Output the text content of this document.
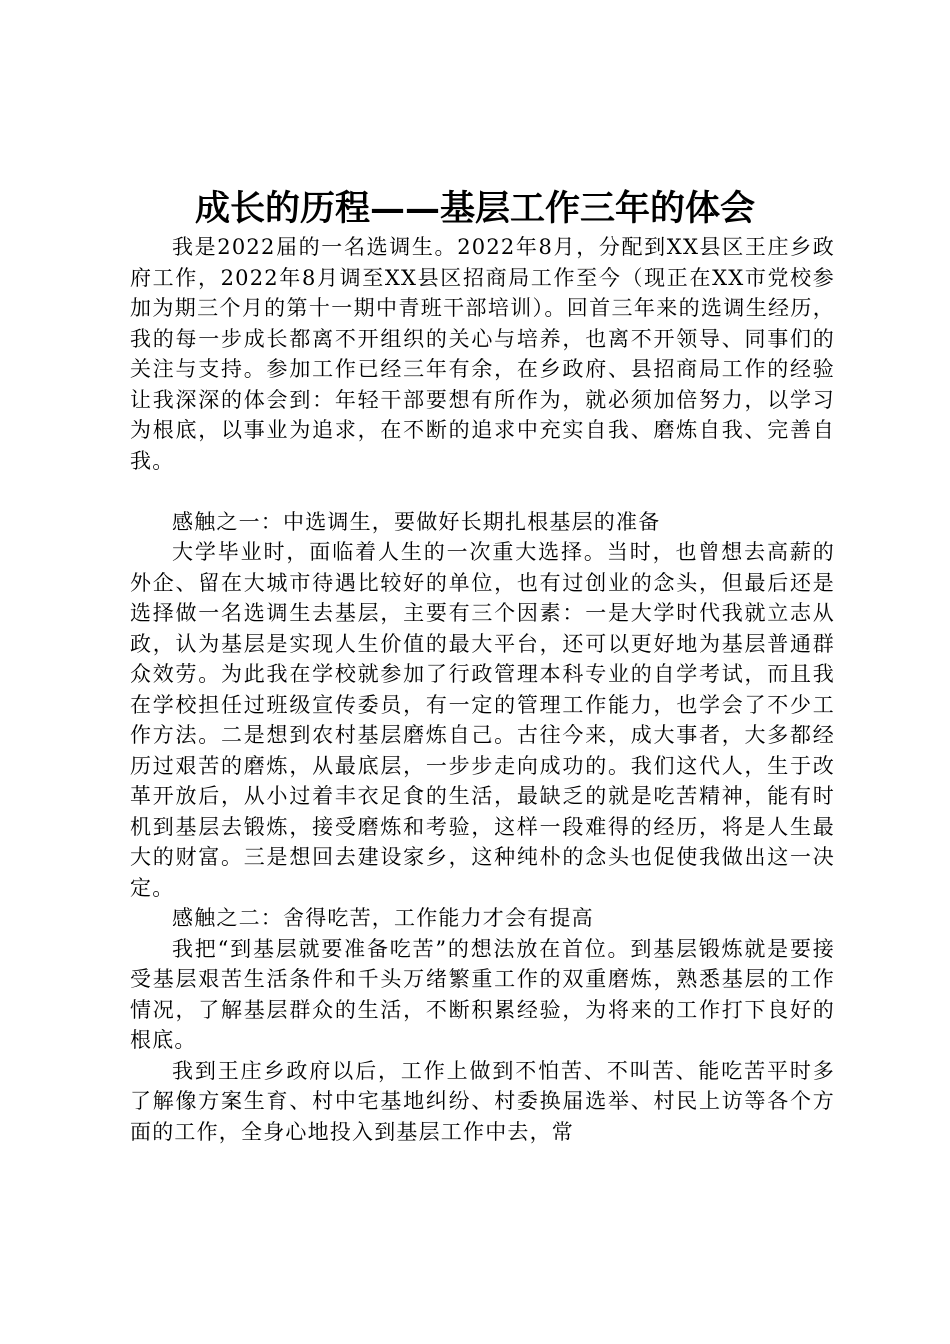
成长的历程——基层工作三年的体会

我是2022届的一名选调生。2022年8月，分配到XX县区王庄乡政府工作，2022年8月调至XX县区招商局工作至今（现正在XX市党校参加为期三个月的第十一期中青班干部培训）。回首三年来的选调生经历，我的每一步成长都离不开组织的关心与培养，也离不开领导、同事们的关注与支持。参加工作已经三年有余，在乡政府、县招商局工作的经验让我深深的体会到：年轻干部要想有所作为，就必须加倍努力，以学习为根底，以事业为追求，在不断的追求中充实自我、磨炼自我、完善自我。

感触之一：中选调生，要做好长期扎根基层的准备

大学毕业时，面临着人生的一次重大选择。当时，也曾想去高薪的外企、留在大城市待遇比较好的单位，也有过创业的念头，但最后还是选择做一名选调生去基层，主要有三个因素：一是大学时代我就立志从政，认为基层是实现人生价值的最大平台，还可以更好地为基层普通群众效劳。为此我在学校就参加了行政管理本科专业的自学考试，而且我在学校担任过班级宣传委员，有一定的管理工作能力，也学会了不少工作方法。二是想到农村基层磨炼自己。古往今来，成大事者，大多都经历过艰苦的磨炼，从最底层，一步步走向成功的。我们这代人，生于改革开放后，从小过着丰衣足食的生活，最缺乏的就是吃苦精神，能有时机到基层去锻炼，接受磨炼和考验，这样一段难得的经历，将是人生最大的财富。三是想回去建设家乡，这种纯朴的念头也促使我做出这一决定。

感触之二：舍得吃苦，工作能力才会有提高

我把“到基层就要准备吃苦”的想法放在首位。到基层锻炼就是要接受基层艰苦生活条件和千头万绪繁重工作的双重磨炼，熟悉基层的工作情况，了解基层群众的生活，不断积累经验，为将来的工作打下良好的根底。

我到王庄乡政府以后，工作上做到不怕苦、不叫苦、能吃苦平时多了解像方案生育、村中宅基地纠纷、村委换届选举、村民上访等各个方面的工作，全身心地投入到基层工作中去，常
